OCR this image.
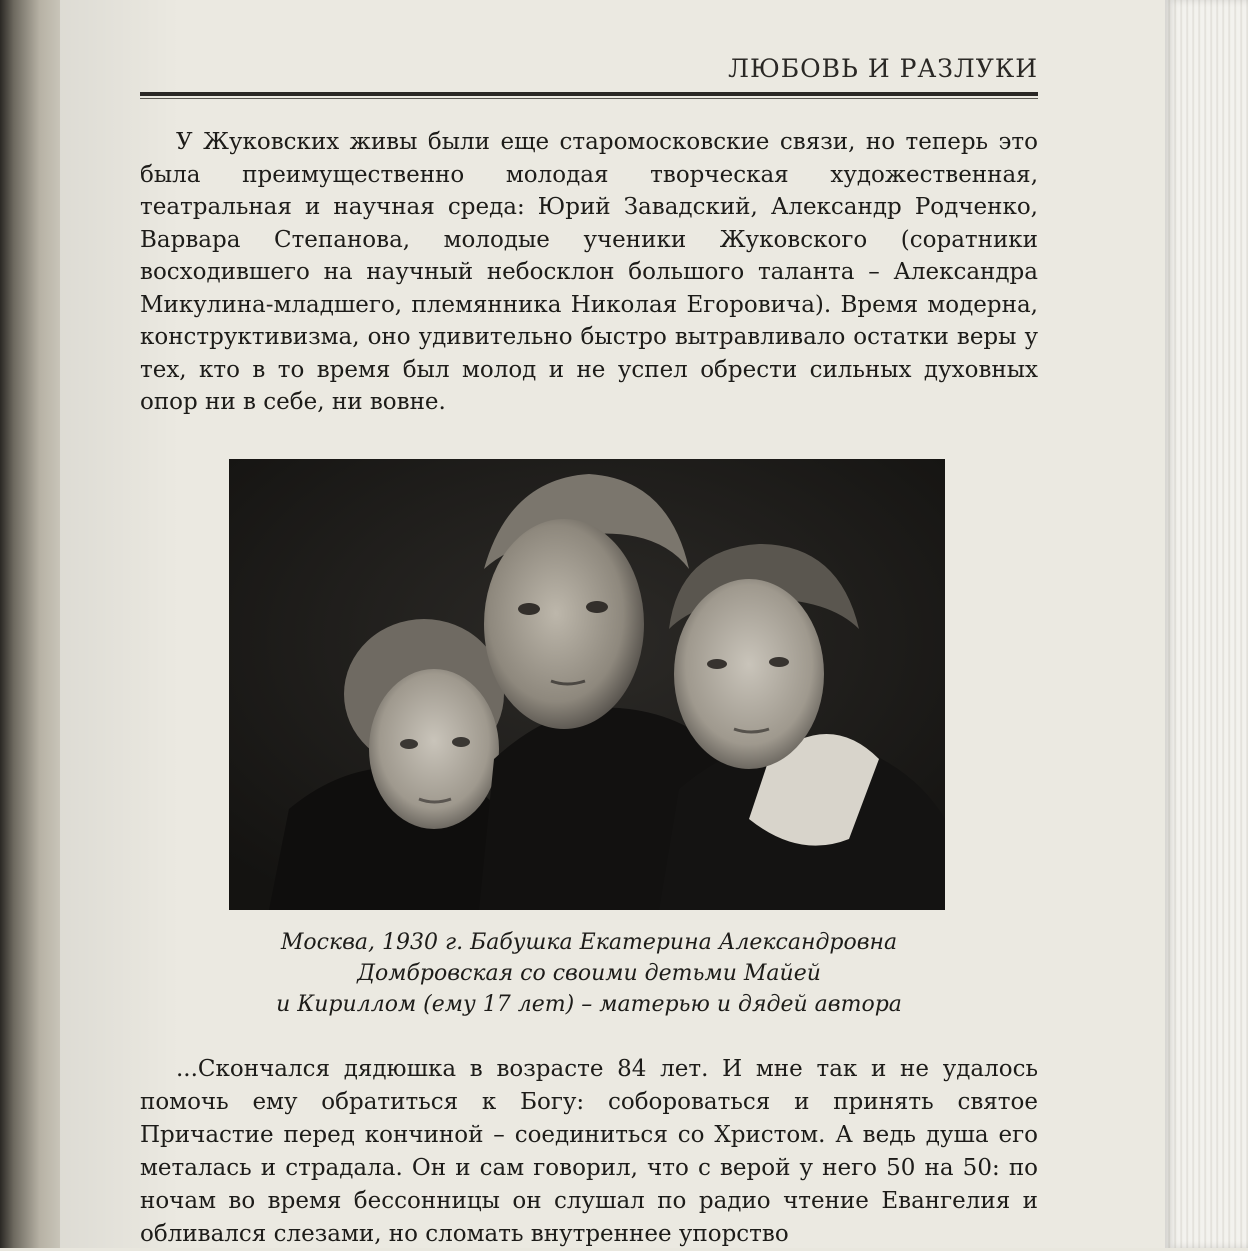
ЛЮБОВЬ И РАЗЛУКИ

У Жуковских живы были еще старомосковские связи, но теперь это была преимущественно молодая творческая художественная, театральная и научная среда: Юрий Завадский, Александр Родченко, Варвара Степанова, молодые ученики Жуковского (соратники восходившего на научный небосклон большого таланта – Александра Микулина-младшего, племянника Николая Егоровича). Время модерна, конструктивизма, оно удивительно быстро вытравливало остатки веры у тех, кто в то время был молод и не успел обрести сильных духовных опор ни в себе, ни вовне.

Москва, 1930 г. Бабушка Екатерина Александровна
Домбровская со своими детьми Майей
и Кириллом (ему 17 лет) – матерью и дядей автора

...Скончался дядюшка в возрасте 84 лет. И мне так и не удалось помочь ему обратиться к Богу: собороваться и принять святое Причастие перед кончиной – соединиться со Христом. А ведь душа его металась и страдала. Он и сам говорил, что с верой у него 50 на 50: по ночам во время бессонницы он слушал по радио чтение Евангелия и обливался слезами, но сломать внутреннее упорство
